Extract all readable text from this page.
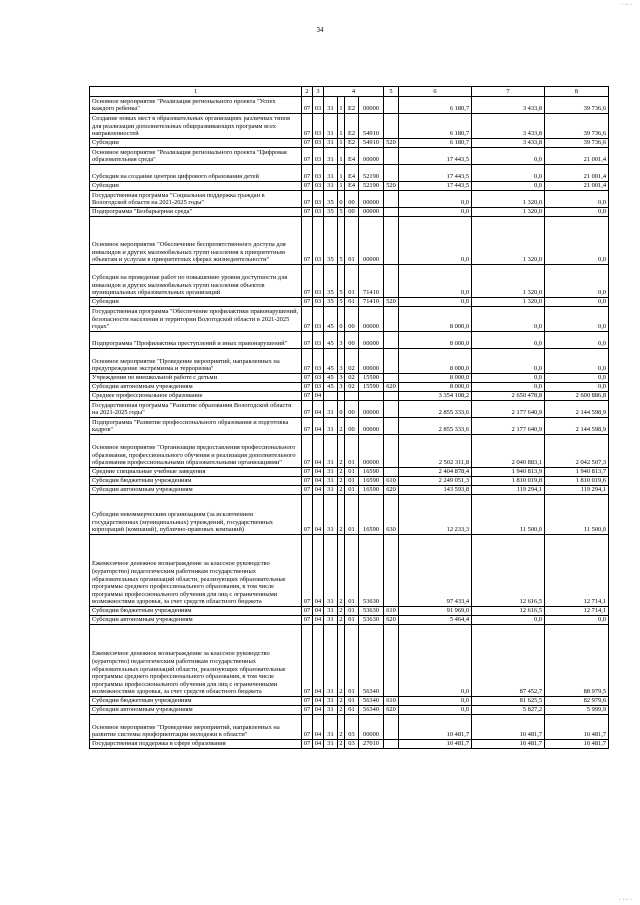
34
· ·· ·
· ··· ·
1	2	3	4				5	6	7	8
Основное мероприятие "Реализация регионального проекта "Успех каждого ребенка"	07	03	31	1	E2	00000		6 180,7	3 433,8	39 736,6
Создание новых мест в образовательных организациях различных типов для реализации дополнительных общеразвивающих программ всех направленностей	07	03	31	1	E2	54910		6 180,7	3 433,8	39 736,6
Субсидии	07	03	31	1	E2	54910	520	6 180,7	3 433,8	39 736,6
Основное мероприятие "Реализация регионального проекта "Цифровая образовательная среда"	07	03	31	1	E4	00000		17 443,5	0,0	21 001,4
Субсидии на создание центров цифрового образования детей	07	03	31	1	E4	52190		17 443,5	0,0	21 001,4
Субсидии	07	03	31	1	E4	52190	520	17 443,5	0,0	21 001,4
Государственная программа "Социальная поддержка граждан в Вологодской области на 2021-2025 годы"	07	03	35	0	00	00000		0,0	1 320,0	0,0
Подпрограмма "Безбарьерная среда"	07	03	35	5	00	00000		0,0	1 320,0	0,0
Основное мероприятие "Обеспечение беспрепятственного доступа для инвалидов и других маломобильных групп населения к приоритетным объектам и услугам в приоритетных сферах жизнедеятельности"	07	03	35	5	01	00000		0,0	1 320,0	0,0
Субсидии на проведение работ по повышению уровня доступности для инвалидов и других маломобильных групп населения объектов муниципальных образовательных организаций	07	03	35	5	01	71410		0,0	1 320,0	0,0
Субсидии	07	03	35	5	01	71410	520	0,0	1 320,0	0,0
Государственная программа "Обеспечение профилактики правонарушений, безопасности населения и территории Вологодской области в 2021-2025 годах"	07	03	45	0	00	00000		8 000,0	0,0	0,0
Подпрограмма "Профилактика преступлений и иных правонарушений"	07	03	45	3	00	00000		8 000,0	0,0	0,0
Основное мероприятие "Проведение мероприятий, направленных на предупреждение экстремизма и терроризма"	07	03	45	3	02	00000		8 000,0	0,0	0,0
Учреждения по внешкольной работе с детьми	07	03	45	3	02	15590		8 000,0	0,0	0,0
Субсидии автономным учреждениям	07	03	45	3	02	15590	620	8 000,0	0,0	0,0
Среднее профессиональное образование	07	04						3 354 108,2	2 650 478,8	2 600 886,8
Государственная программа "Развитие образования Вологодской области на 2021-2025 годы"	07	04	31	0	00	00000		2 855 333,6	2 177 640,9	2 144 598,9
Подпрограмма "Развитие профессионального образования и подготовка кадров"	07	04	31	2	00	00000		2 855 333,6	2 177 640,9	2 144 598,9
Основное мероприятие "Организация предоставления профессионального образования, профессионального обучения и реализация дополнительного образования профессиональными образовательными организациями"	07	04	31	2	01	00000		2 502 311,8	2 040 883,1	2 042 507,3
Средние специальные учебные заведения	07	04	31	2	01	16590		2 404 878,4	1 940 813,9	1 940 813,7
Субсидии бюджетным учреждениям	07	04	31	2	01	16590	610	2 249 051,3	1 810 019,8	1 810 019,6
Субсидии автономным учреждениям	07	04	31	2	01	16590	620	143 593,8	119 294,1	119 294,1
Субсидии некоммерческим организациям (за исключением государственных (муниципальных) учреждений, государственных корпораций (компаний), публично-правовых компаний)	07	04	31	2	01	16590	630	12 233,3	11 500,0	11 500,0
Ежемесячное денежное вознаграждение за классное руководство (кураторство) педагогическим работникам государственных образовательных организаций области, реализующих образовательные программы среднего профессионального образования, в том числе программы профессионального обучения для лиц с ограниченными возможностями здоровья, за счет средств областного бюджета	07	04	31	2	01	53630		97 433,4	12 616,5	12 714,1
Субсидии бюджетным учреждениям	07	04	31	2	01	53630	610	91 969,0	12 616,5	12 714,1
Субсидии автономным учреждениям	07	04	31	2	01	53630	620	5 464,4	0,0	0,0
Ежемесячное денежное вознаграждение за классное руководство (кураторство) педагогическим работникам государственных образовательных организаций области, реализующих образовательные программы среднего профессионального образования, в том числе программы профессионального обучения для лиц с ограниченными возможностями здоровья, за счет средств областного бюджета	07	04	31	2	01	56340		0,0	87 452,7	88 979,5
Субсидии бюджетным учреждениям	07	04	31	2	01	56340	610	0,0	81 625,5	82 979,6
Субсидии автономным учреждениям	07	04	31	2	01	56340	620	0,0	5 827,2	5 999,9
Основное мероприятие "Проведение мероприятий, направленных на развитие системы профориентации молодежи в области"	07	04	31	2	03	00000		10 481,7	10 481,7	10 481,7
Государственная поддержка в сфере образования	07	04	31	2	03	27010		10 481,7	10 481,7	10 481,7
